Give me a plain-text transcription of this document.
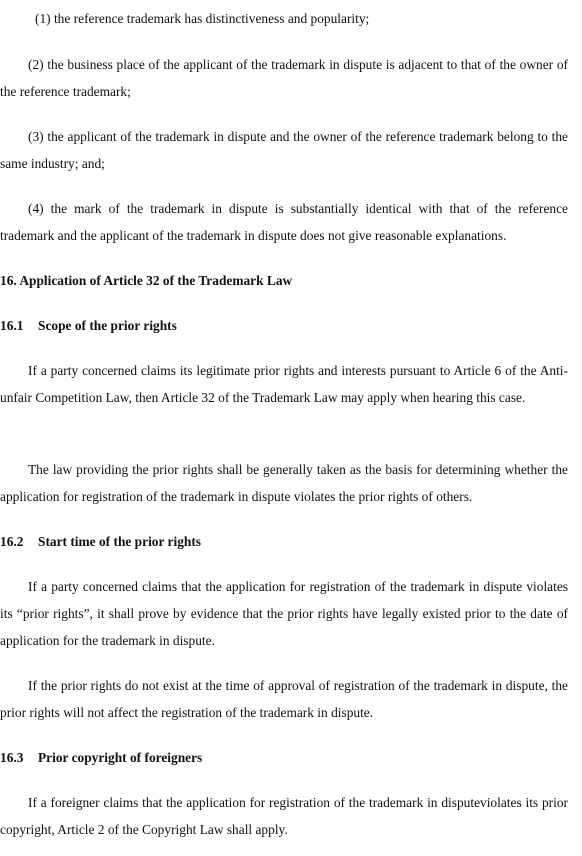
(1) the reference trademark has distinctiveness and popularity;

(2) the business place of the applicant of the trademark in dispute is adjacent to that of the owner of the reference trademark;

(3) the applicant of the trademark in dispute and the owner of the reference trademark belong to the same industry; and;

(4) the mark of the trademark in dispute is substantially identical with that of the reference trademark and the applicant of the trademark in dispute does not give reasonable explanations.

16. Application of Article 32 of the Trademark Law
16.1 Scope of the prior rights

If a party concerned claims its legitimate prior rights and interests pursuant to Article 6 of the Anti-unfair Competition Law, then Article 32 of the Trademark Law may apply when hearing this case.

The law providing the prior rights shall be generally taken as the basis for determining whether the application for registration of the trademark in dispute violates the prior rights of others.

16.2 Start time of the prior rights

If a party concerned claims that the application for registration of the trademark in dispute violates its “prior rights”, it shall prove by evidence that the prior rights have legally existed prior to the date of application for the trademark in dispute.

If the prior rights do not exist at the time of approval of registration of the trademark in dispute, the prior rights will not affect the registration of the trademark in dispute.

16.3 Prior copyright of foreigners

If a foreigner claims that the application for registration of the trademark in disputeviolates its prior copyright, Article 2 of the Copyright Law shall apply.
